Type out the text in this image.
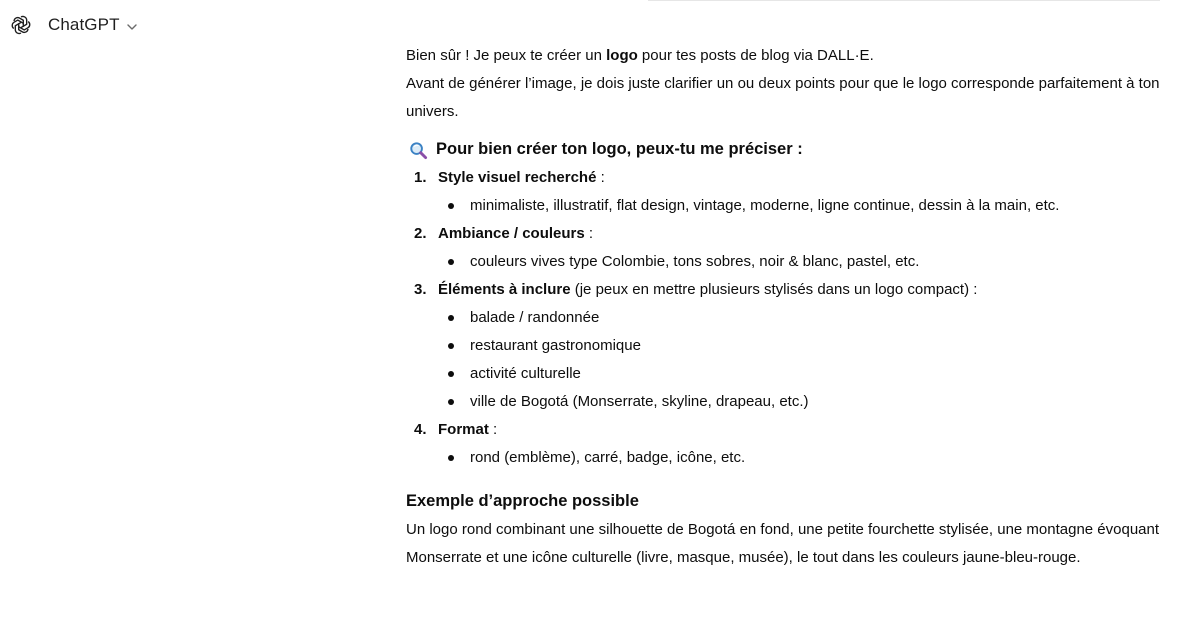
ChatGPT

Bien sûr ! Je peux te créer un logo pour tes posts de blog via DALL·E.
Avant de générer l’image, je dois juste clarifier un ou deux points pour que le logo corresponde parfaitement à ton univers.

Pour bien créer ton logo, peux-tu me préciser :
Style visuel recherché :
minimaliste, illustratif, flat design, vintage, moderne, ligne continue, dessin à la main, etc.
Ambiance / couleurs :
couleurs vives type Colombie, tons sobres, noir & blanc, pastel, etc.
Éléments à inclure (je peux en mettre plusieurs stylisés dans un logo compact) :
balade / randonnée
restaurant gastronomique
activité culturelle
ville de Bogotá (Monserrate, skyline, drapeau, etc.)
Format :
rond (emblème), carré, badge, icône, etc.
Exemple d’approche possible

Un logo rond combinant une silhouette de Bogotá en fond, une petite fourchette stylisée, une montagne évoquant Monserrate et une icône culturelle (livre, masque, musée), le tout dans les couleurs jaune-bleu-rouge.
